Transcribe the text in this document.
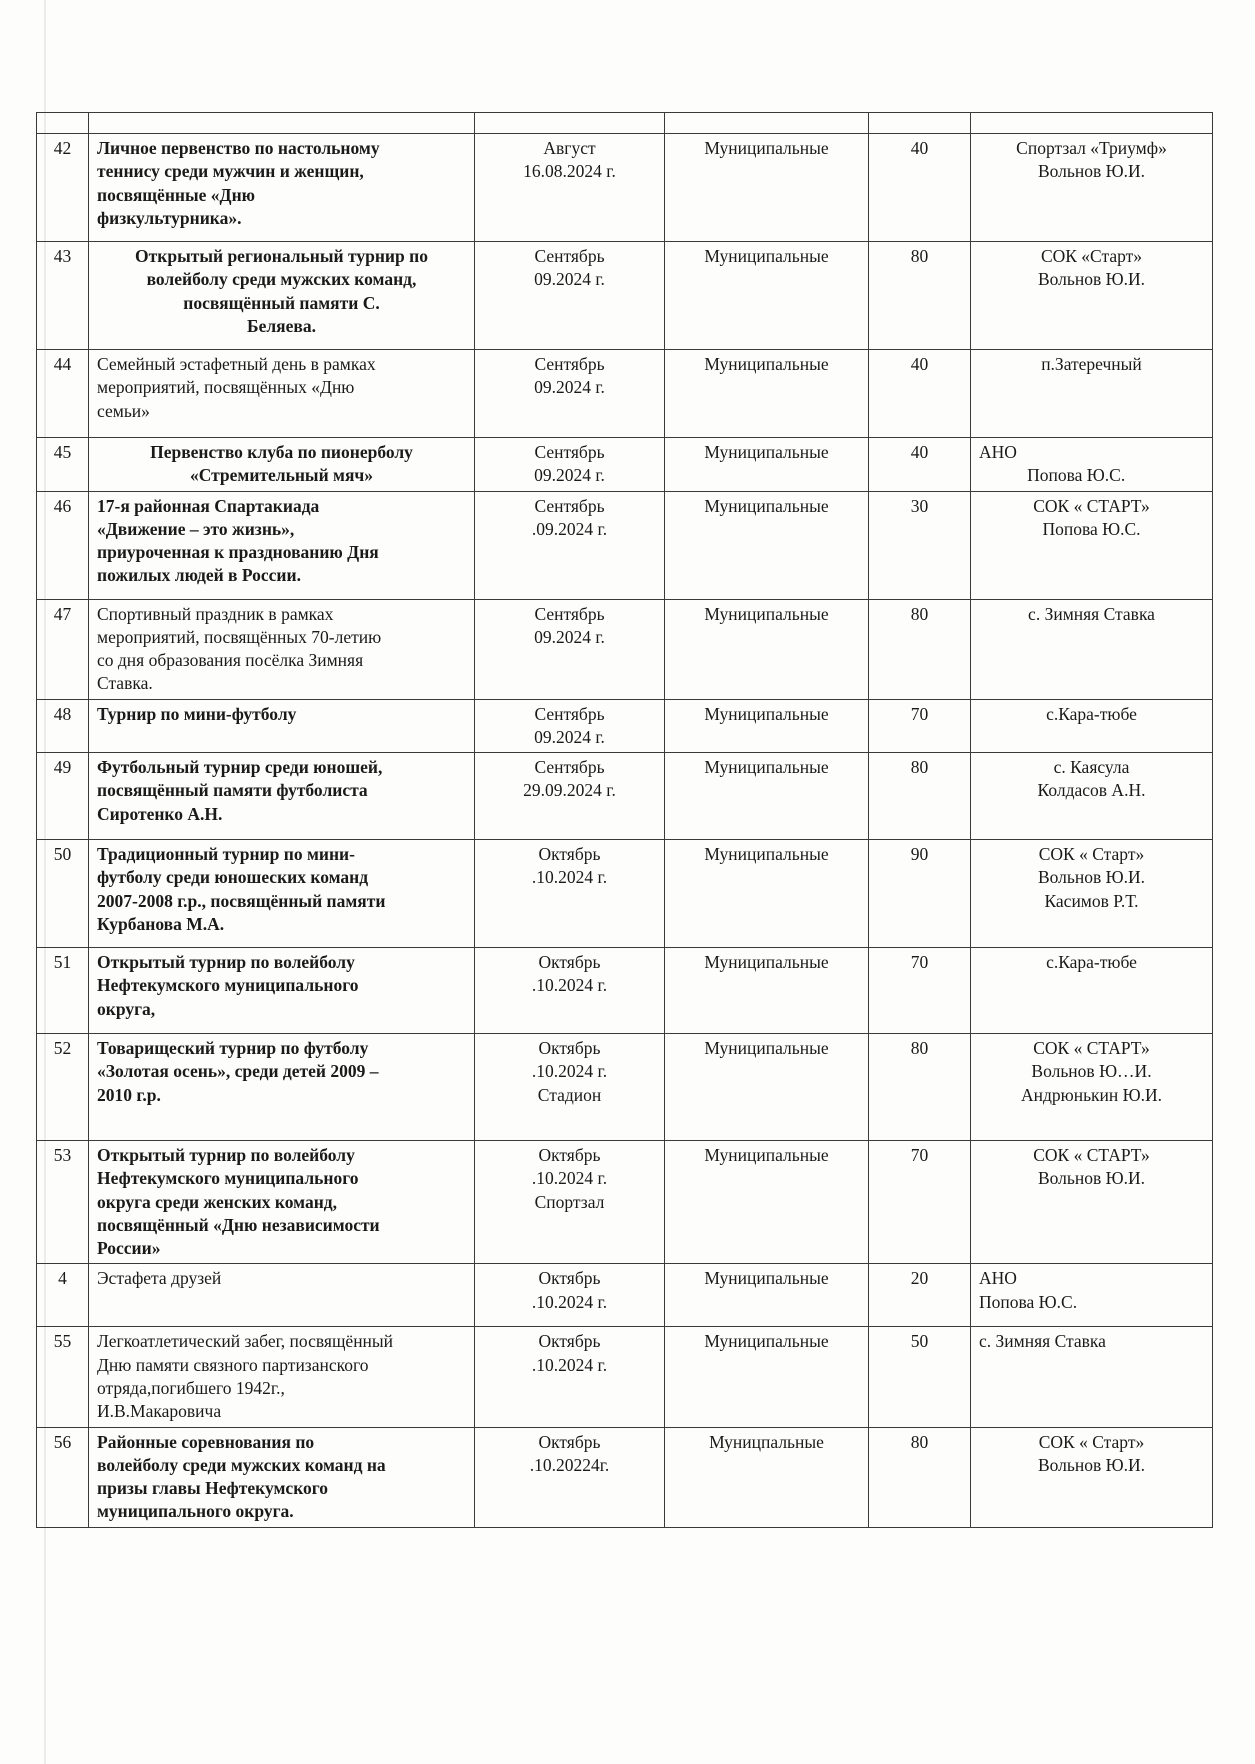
42	Личное первенство по настольному
теннису среди мужчин и женщин,
посвящённые «Дню
физкультурника».	Август
16.08.2024 г.	Муниципальные	40	Спортзал «Триумф»
Вольнов Ю.И.

43	Открытый региональный турнир по
волейболу среди мужских команд,
посвящённый памяти С.
Беляева.	Сентябрь
09.2024 г.	Муниципальные	80	СОК «Старт»
Вольнов Ю.И.

44	Семейный эстафетный день в рамках
мероприятий, посвящённых «Дню
семьи»	Сентябрь
09.2024 г.	Муниципальные	40	п.Затеречный

45	Первенство клуба по пионерболу
«Стремительный мяч»	Сентябрь
09.2024 г.	Муниципальные	40	АНО
Попова Ю.С.

46	17-я районная Спартакиада
«Движение – это жизнь»,
приуроченная к празднованию Дня
пожилых людей в России.	Сентябрь
.09.2024 г.	Муниципальные	30	СОК « СТАРТ»
Попова Ю.С.

47	Спортивный праздник в рамках
мероприятий, посвящённых 70-летию
со дня образования посёлка Зимняя
Ставка.	Сентябрь
09.2024 г.	Муниципальные	80	с. Зимняя Ставка

48	Турнир по мини-футболу	Сентябрь
09.2024 г.	Муниципальные	70	с.Кара-тюбе

49	Футбольный турнир среди юношей,
посвящённый памяти футболиста
Сиротенко А.Н.	Сентябрь
29.09.2024 г.	Муниципальные	80	с. Каясула
Колдасов А.Н.

50	Традиционный турнир по мини-
футболу среди юношеских команд
2007-2008 г.р., посвящённый памяти
Курбанова М.А.	Октябрь
.10.2024 г.	Муниципальные	90	СОК « Старт»
Вольнов Ю.И.
Касимов Р.Т.

51	Открытый турнир по волейболу
Нефтекумского муниципального
округа,	Октябрь
.10.2024 г.	Муниципальные	70	с.Кара-тюбе

52	Товарищеский турнир по футболу
«Золотая осень», среди детей 2009 –
2010 г.р.	Октябрь
.10.2024 г.
Стадион	Муниципальные	80	СОК « СТАРТ»
Вольнов Ю…И.
Андрюнькин Ю.И.

53	Открытый турнир по волейболу
Нефтекумского муниципального
округа среди женских команд,
посвящённый «Дню независимости
России»	Октябрь
.10.2024 г.
Спортзал	Муниципальные	70	СОК « СТАРТ»
Вольнов Ю.И.

4	Эстафета друзей	Октябрь
.10.2024 г.	Муниципальные	20	АНО
Попова Ю.С.

55	Легкоатлетический забег, посвящённый
Дню памяти связного партизанского
отряда,погибшего 1942г.,
И.В.Макаровича	Октябрь
.10.2024 г.	Муниципальные	50	с. Зимняя Ставка

56	Районные соревнования по
волейболу среди мужских команд на
призы главы Нефтекумского
муниципального округа.	Октябрь
.10.20224г.	Муницпальные	80	СОК « Старт»
Вольнов Ю.И.
